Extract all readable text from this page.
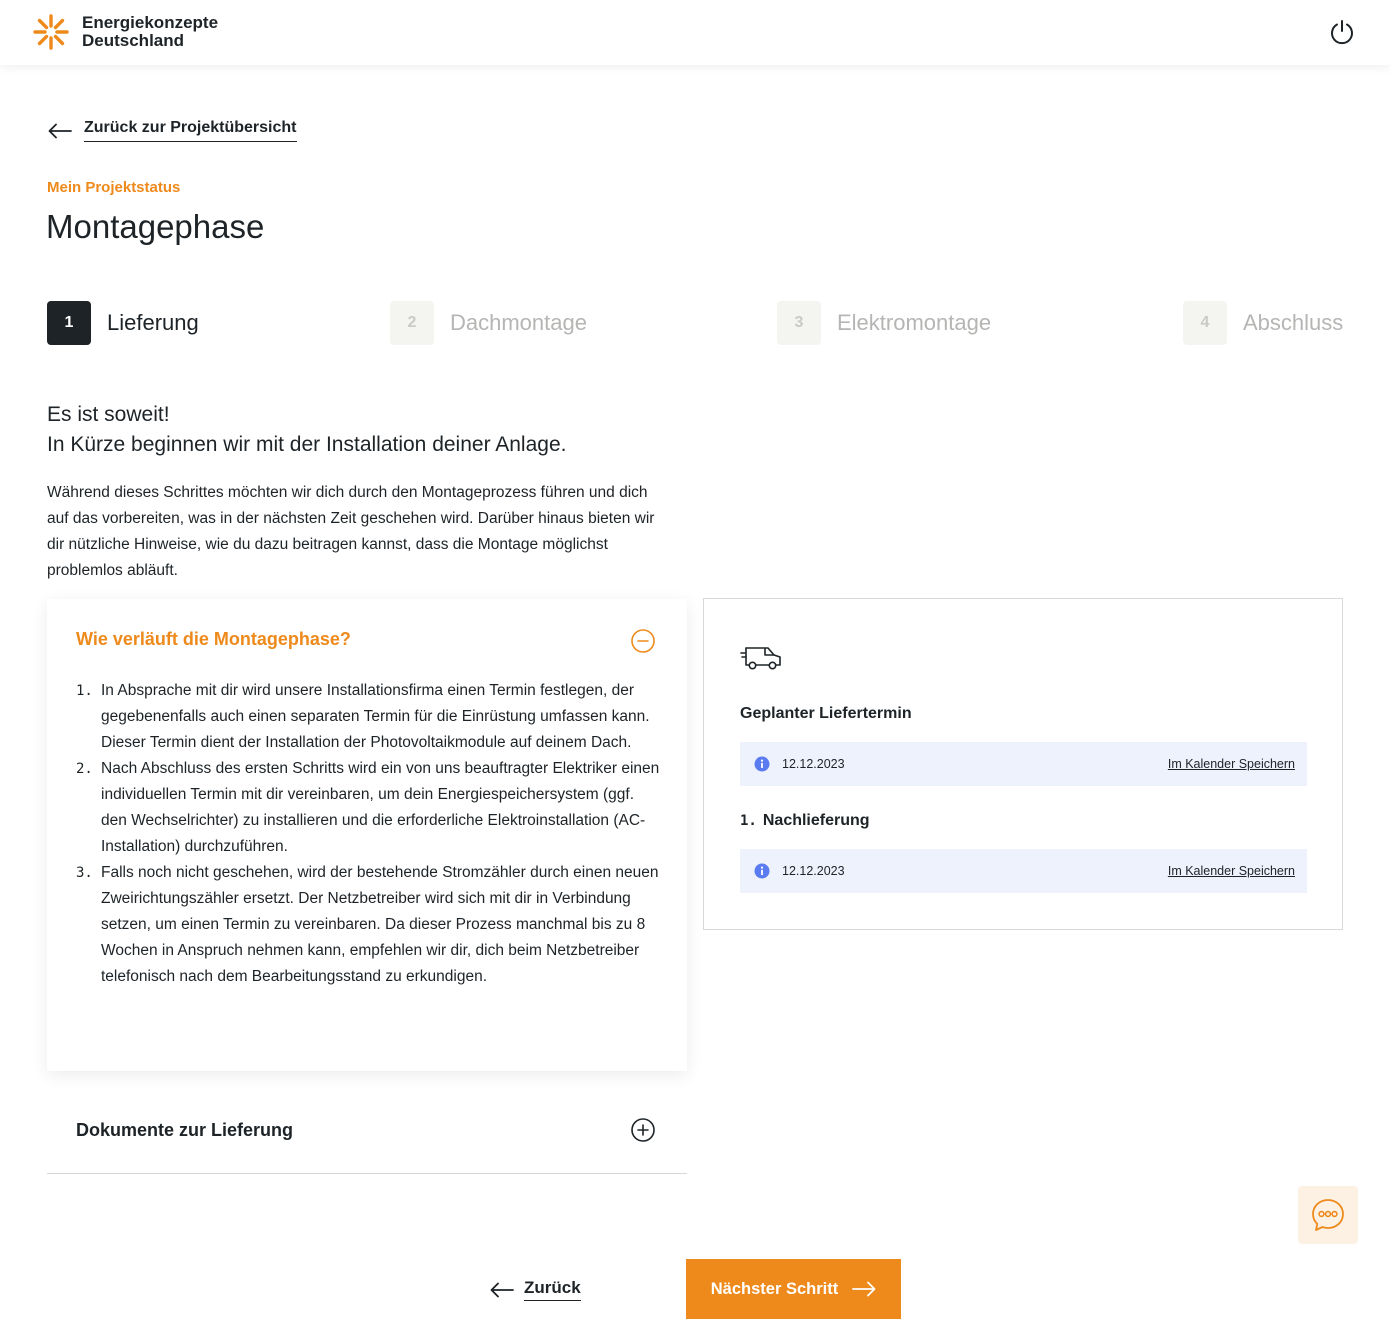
Energiekonzepte
Deutschland
Zurück zur Projektübersicht
Mein Projektstatus
Montagephase
1	Lieferung	2	Dachmontage	3	Elektromontage	4	Abschluss
Es ist soweit!
In Kürze beginnen wir mit der Installation deiner Anlage.

Während dieses Schrittes möchten wir dich durch den Montageprozess führen und dich auf das vorbereiten, was in der nächsten Zeit geschehen wird. Darüber hinaus bieten wir dir nützliche Hinweise, wie du dazu beitragen kannst, dass die Montage möglichst problemlos abläuft.

Wie verläuft die Montagephase?
1. In Absprache mit dir wird unsere Installationsfirma einen Termin festlegen, der gegebenenfalls auch einen separaten Termin für die Einrüstung umfassen kann. Dieser Termin dient der Installation der Photovoltaikmodule auf deinem Dach.
2. Nach Abschluss des ersten Schritts wird ein von uns beauftragter Elektriker einen individuellen Termin mit dir vereinbaren, um dein Energiespeichersystem (ggf. den Wechselrichter) zu installieren und die erforderliche Elektroinstallation (AC-Installation) durchzuführen.
3. Falls noch nicht geschehen, wird der bestehende Stromzähler durch einen neuen Zweirichtungszähler ersetzt. Der Netzbetreiber wird sich mit dir in Verbindung setzen, um einen Termin zu vereinbaren. Da dieser Prozess manchmal bis zu 8 Wochen in Anspruch nehmen kann, empfehlen wir dir, dich beim Netzbetreiber telefonisch nach dem Bearbeitungsstand zu erkundigen.
Dokumente zur Lieferung
Geplanter Liefertermin
12.12.2023	Im Kalender Speichern
1. Nachlieferung
12.12.2023	Im Kalender Speichern
Zurück	Nächster Schritt
